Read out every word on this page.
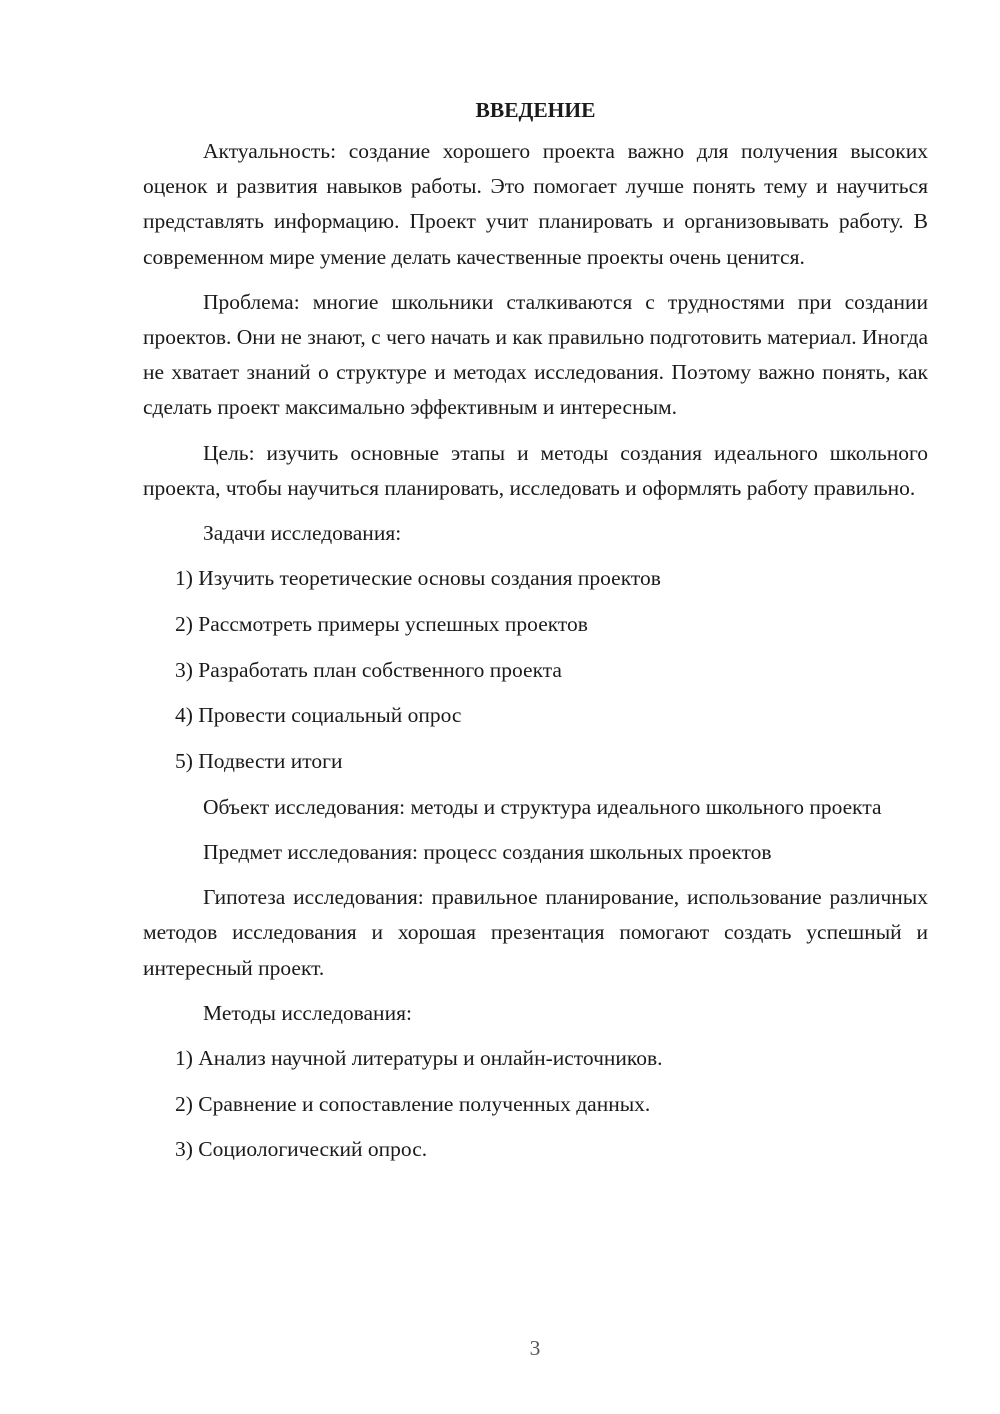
ВВЕДЕНИЕ

Актуальность: создание хорошего проекта важно для получения высоких оценок и развития навыков работы. Это помогает лучше понять тему и научиться представлять информацию. Проект учит планировать и организовывать работу. В современном мире умение делать качественные проекты очень ценится.

Проблема: многие школьники сталкиваются с трудностями при создании проектов. Они не знают, с чего начать и как правильно подготовить материал. Иногда не хватает знаний о структуре и методах исследования. Поэтому важно понять, как сделать проект максимально эффективным и интересным.

Цель: изучить основные этапы и методы создания идеального школьного проекта, чтобы научиться планировать, исследовать и оформлять работу правильно.

Задачи исследования:

1) Изучить теоретические основы создания проектов
2) Рассмотреть примеры успешных проектов
3) Разработать план собственного проекта
4) Провести социальный опрос
5) Подвести итоги

Объект исследования: методы и структура идеального школьного проекта

Предмет исследования: процесс создания школьных проектов

Гипотеза исследования: правильное планирование, использование различных методов исследования и хорошая презентация помогают создать успешный и интересный проект.

Методы исследования:

1) Анализ научной литературы и онлайн-источников.
2) Сравнение и сопоставление полученных данных.
3) Социологический опрос.
3
